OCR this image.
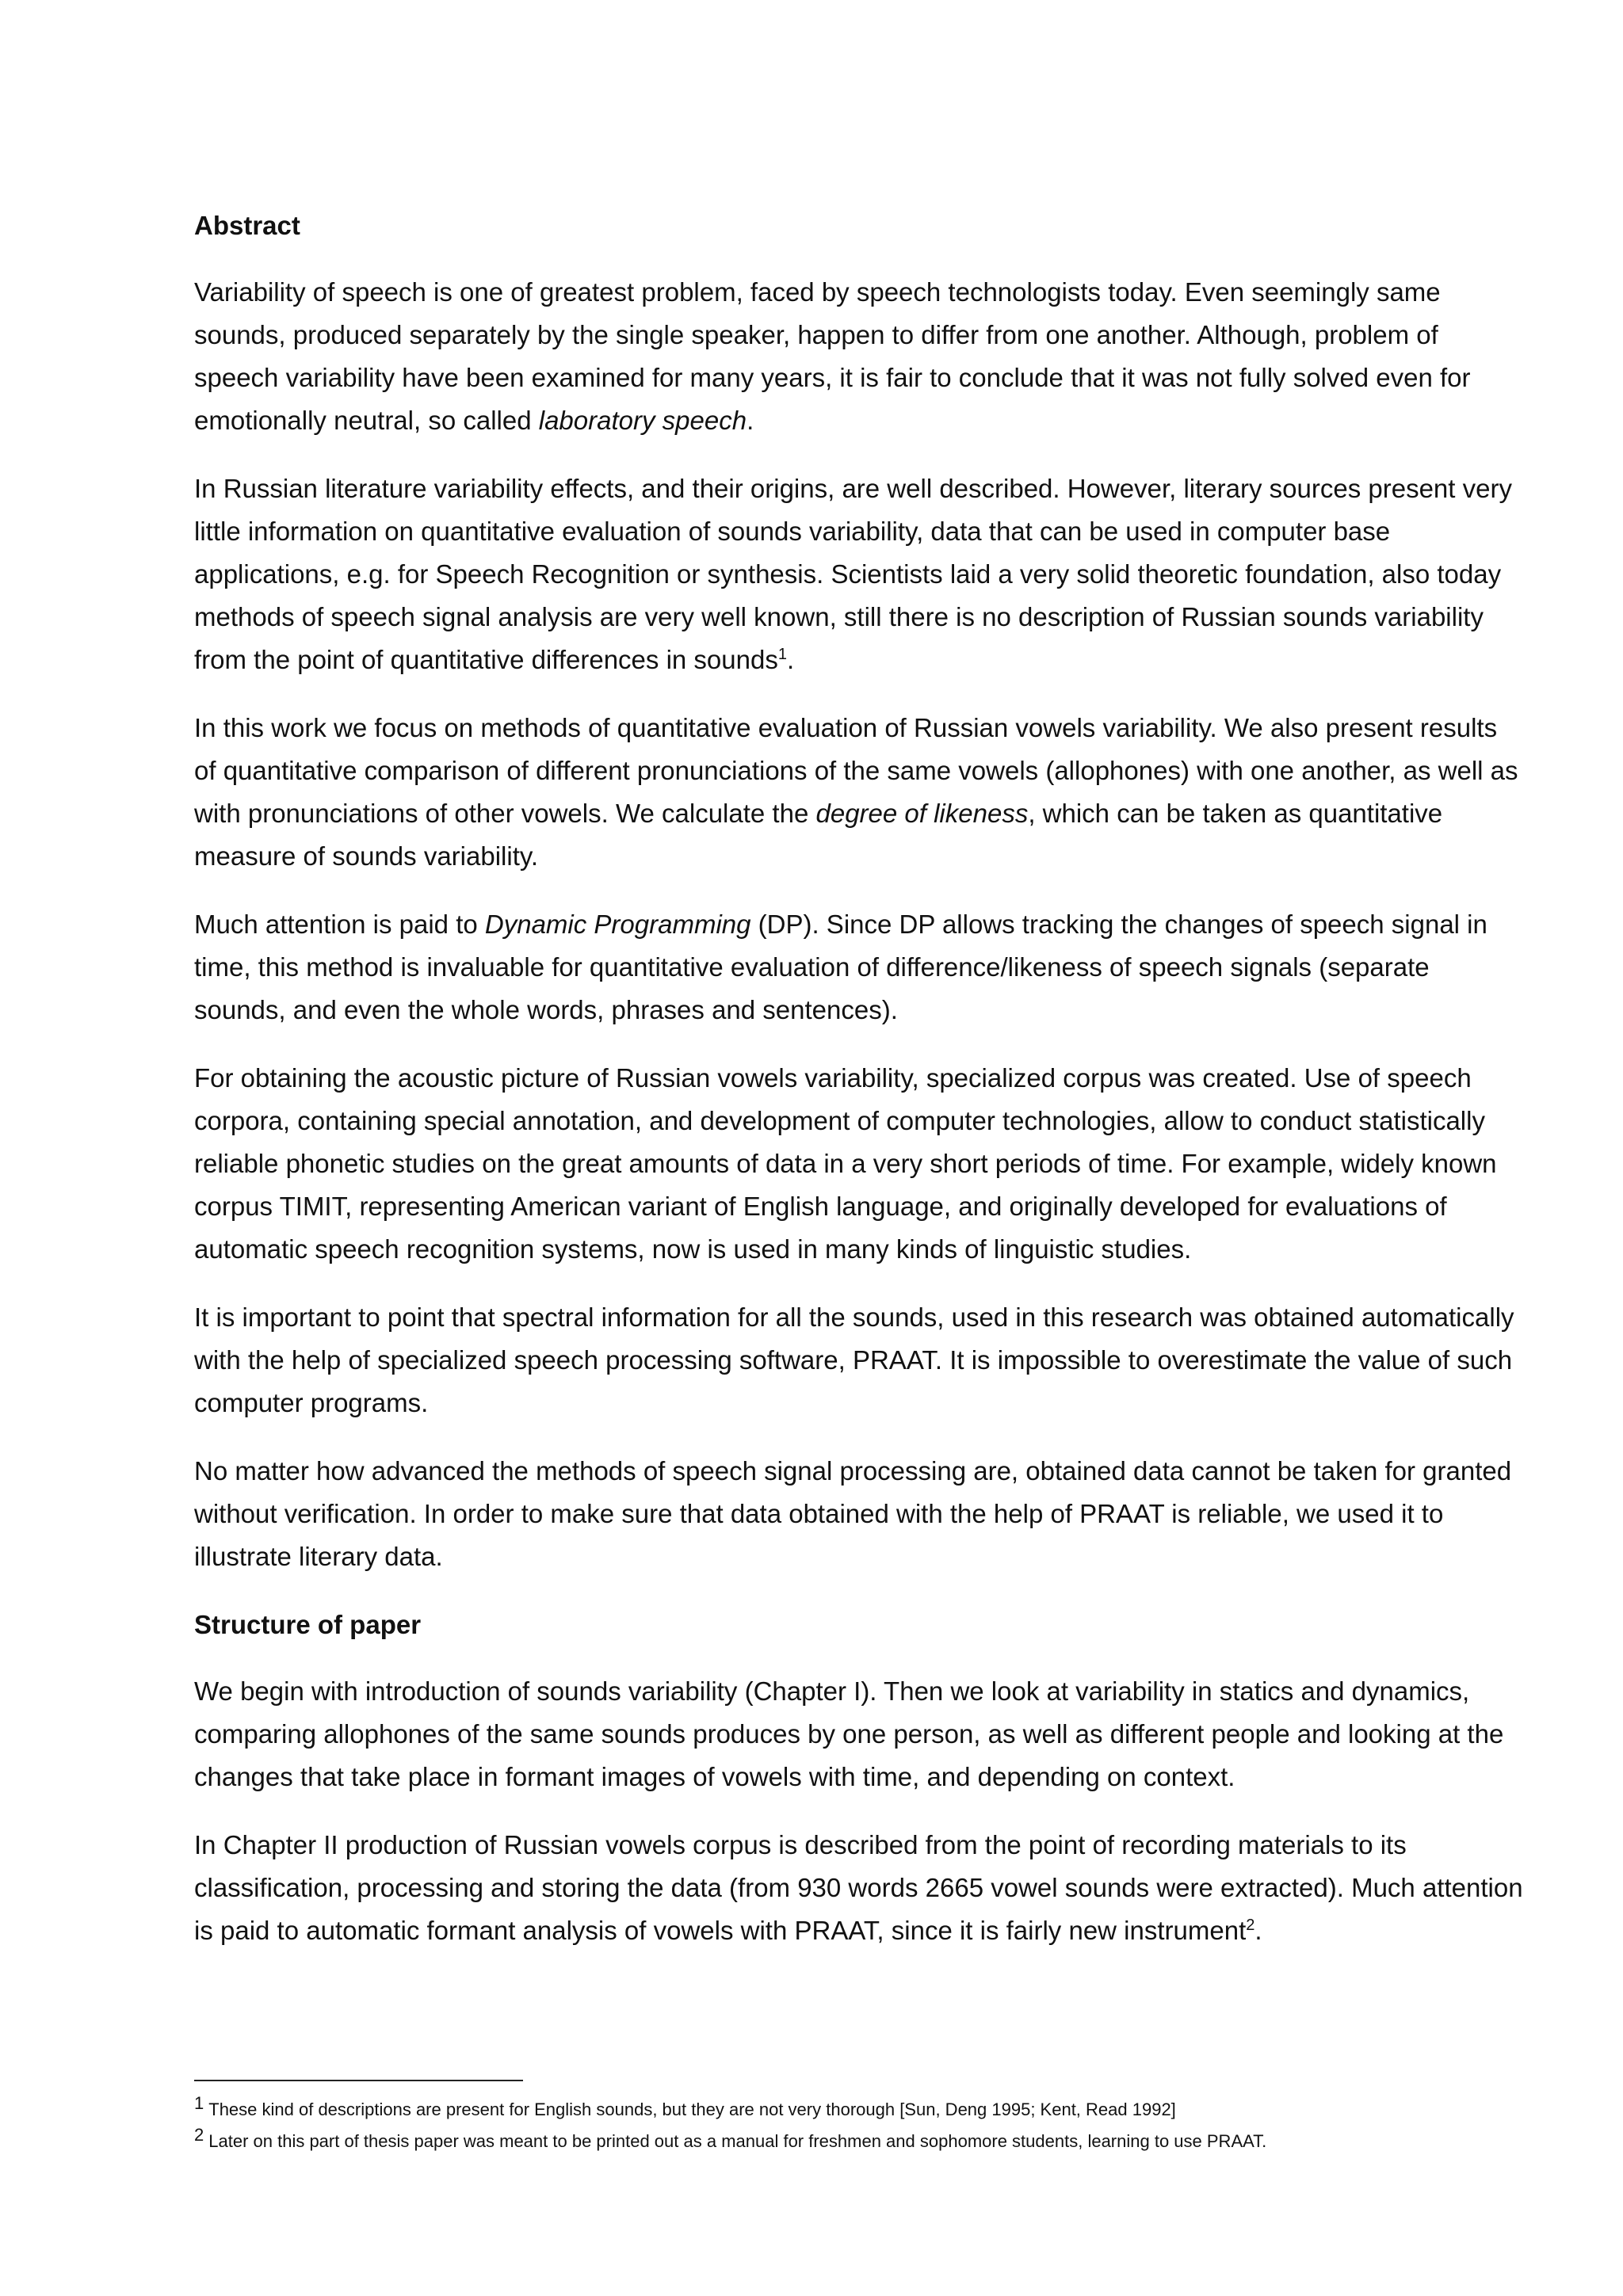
Abstract

Variability of speech is one of greatest problem, faced by speech technologists today. Even seemingly same sounds, produced separately by the single speaker, happen to differ from one another. Although, problem of speech variability have been examined for many years, it is fair to conclude that it was not fully solved even for emotionally neutral, so called laboratory speech.

In Russian literature variability effects, and their origins, are well described. However, literary sources present very little information on quantitative evaluation of sounds variability, data that can be used in computer base applications, e.g. for Speech Recognition or synthesis. Scientists laid a very solid theoretic foundation, also today methods of speech signal analysis are very well known, still there is no description of Russian sounds variability from the point of quantitative differences in sounds$^1$.

In this work we focus on methods of quantitative evaluation of Russian vowels variability. We also present results of quantitative comparison of different pronunciations of the same vowels (allophones) with one another, as well as with pronunciations of other vowels. We calculate the degree of likeness, which can be taken as quantitative measure of sounds variability.

Much attention is paid to Dynamic Programming (DP). Since DP allows tracking the changes of speech signal in time, this method is invaluable for quantitative evaluation of difference/likeness of speech signals (separate sounds, and even the whole words, phrases and sentences).

For obtaining the acoustic picture of Russian vowels variability, specialized corpus was created. Use of speech corpora, containing special annotation, and development of computer technologies, allow to conduct statistically reliable phonetic studies on the great amounts of data in a very short periods of time. For example, widely known corpus TIMIT, representing American variant of English language, and originally developed for evaluations of automatic speech recognition systems, now is used in many kinds of linguistic studies.

It is important to point that spectral information for all the sounds, used in this research was obtained automatically with the help of specialized speech processing software, PRAAT. It is impossible to overestimate the value of such computer programs.

No matter how advanced the methods of speech signal processing are, obtained data cannot be taken for granted without verification. In order to make sure that data obtained with the help of PRAAT is reliable, we used it to illustrate literary data.

Structure of paper

We begin with introduction of sounds variability (Chapter I). Then we look at variability in statics and dynamics, comparing allophones of the same sounds produces by one person, as well as different people and looking at the changes that take place in formant images of vowels with time, and depending on context.

In Chapter II production of Russian vowels corpus is described from the point of recording materials to its classification, processing and storing the data (from 930 words 2665 vowel sounds were extracted). Much attention is paid to automatic formant analysis of vowels with PRAAT, since it is fairly new instrument$^2$.

1 These kind of descriptions are present for English sounds, but they are not very thorough [Sun, Deng 1995; Kent, Read 1992]
2 Later on this part of thesis paper was meant to be printed out as a manual for freshmen and sophomore students, learning to use PRAAT.
